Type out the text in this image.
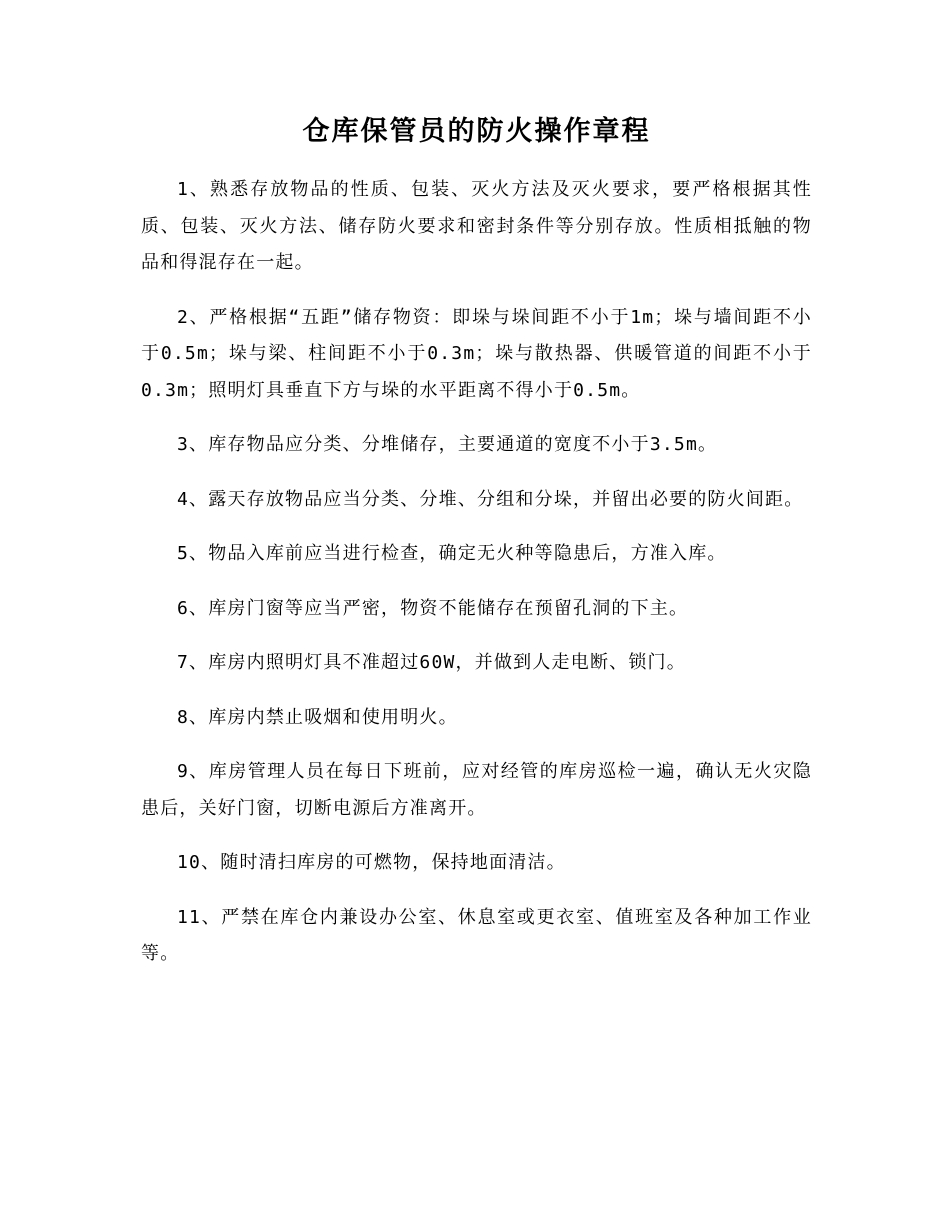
仓库保管员的防火操作章程

1、熟悉存放物品的性质、包装、灭火方法及灭火要求，要严格根据其性质、包装、灭火方法、储存防火要求和密封条件等分别存放。性质相抵触的物品和得混存在一起。

2、严格根据“五距”储存物资：即垛与垛间距不小于1m；垛与墙间距不小于0.5m；垛与梁、柱间距不小于0.3m；垛与散热器、供暖管道的间距不小于0.3m；照明灯具垂直下方与垛的水平距离不得小于0.5m。

3、库存物品应分类、分堆储存，主要通道的宽度不小于3.5m。

4、露天存放物品应当分类、分堆、分组和分垛，并留出必要的防火间距。

5、物品入库前应当进行检查，确定无火种等隐患后，方准入库。

6、库房门窗等应当严密，物资不能储存在预留孔洞的下主。

7、库房内照明灯具不准超过60W，并做到人走电断、锁门。

8、库房内禁止吸烟和使用明火。

9、库房管理人员在每日下班前，应对经管的库房巡检一遍，确认无火灾隐患后，关好门窗，切断电源后方准离开。

10、随时清扫库房的可燃物，保持地面清洁。

11、严禁在库仓内兼设办公室、休息室或更衣室、值班室及各种加工作业等。
